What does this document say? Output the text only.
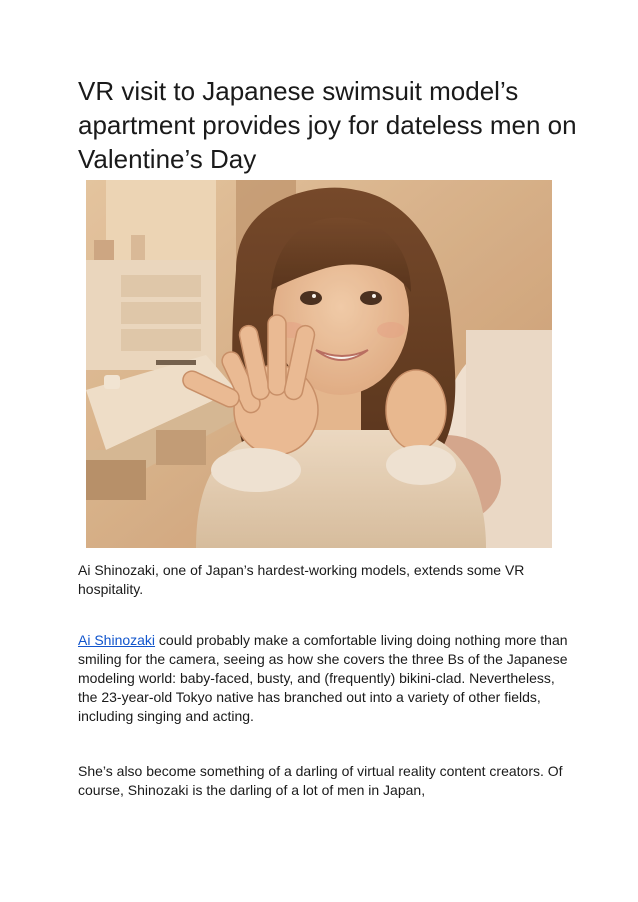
VR visit to Japanese swimsuit model’s apartment provides joy for dateless men on Valentine’s Day

Ai Shinozaki, one of Japan’s hardest-working models, extends some VR hospitality.

Ai Shinozaki could probably make a comfortable living doing nothing more than smiling for the camera, seeing as how she covers the three Bs of the Japanese modeling world: baby-faced, busty, and (frequently) bikini-clad. Nevertheless, the 23-year-old Tokyo native has branched out into a variety of other fields, including singing and acting.

She’s also become something of a darling of virtual reality content creators. Of course, Shinozaki is the darling of a lot of men in Japan,
